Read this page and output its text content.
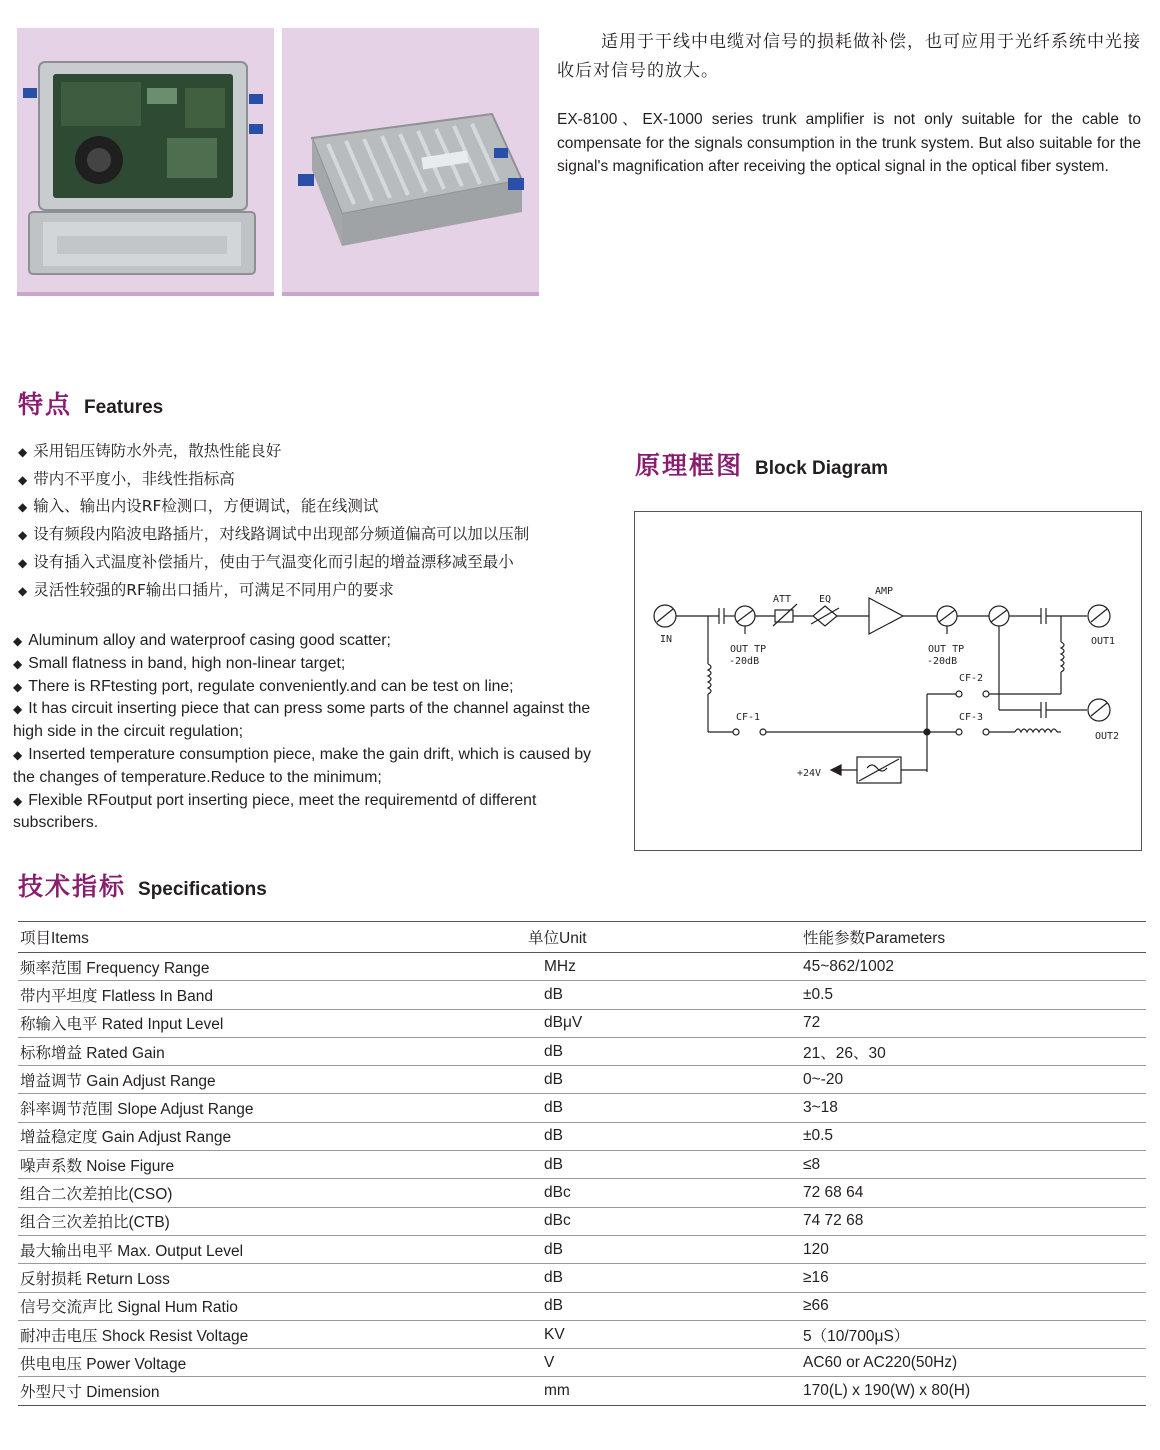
适用于干线中电缆对信号的损耗做补偿，也可应用于光纤系统中光接收后对信号的放大。

EX-8100、EX-1000 series trunk amplifier is not only suitable for the cable to compensate for the signals consumption in the trunk system. But also suitable for the signal's magnification after receiving the optical signal in the optical fiber system.

特点 Features
◆ 采用铝压铸防水外壳，散热性能良好
◆ 带内不平度小，非线性指标高
◆ 输入、输出内设RF检测口，方便调试，能在线测试
◆ 设有频段内陷波电路插片，对线路调试中出现部分频道偏高可以加以压制
◆ 设有插入式温度补偿插片，使由于气温变化而引起的增益漂移减至最小
◆ 灵活性较强的RF输出口插片，可满足不同用户的要求
◆ Aluminum alloy and waterproof casing good scatter;
◆ Small flatness in band, high non-linear target;
◆ There is RFtesting port, regulate conveniently.and can be test on line;
◆ It has circuit inserting piece that can press some parts of the channel against the high side in the circuit regulation;
◆ Inserted temperature consumption piece, make the gain drift, which is caused by the changes of temperature.Reduce to the minimum;
◆ Flexible RFoutput port inserting piece, meet the requirementd of different subscribers.
原理框图 Block Diagram
IN
ATT	EQ
AMP
OUT TP
-20dB
OUT TP
-20dB
OUT1
OUT2
CF-1
CF-2
CF-3
+24V
技术指标 Specifications
项目Items	单位Unit	性能参数Parameters
频率范围 Frequency Range	MHz	45~862/1002
带内平坦度 Flatless In Band	dB	±0.5
称输入电平 Rated Input Level	dBμV	72
标称增益 Rated Gain	dB	21、26、30
增益调节 Gain Adjust Range	dB	0~-20
斜率调节范围 Slope Adjust Range	dB	3~18
增益稳定度 Gain Adjust Range	dB	±0.5
噪声系数 Noise Figure	dB	≤8
组合二次差拍比(CSO)	dBc	72 68 64
组合三次差拍比(CTB)	dBc	74 72 68
最大输出电平 Max. Output Level	dB	120
反射损耗 Return Loss	dB	≥16
信号交流声比 Signal Hum Ratio	dB	≥66
耐冲击电压 Shock Resist Voltage	KV	5（10/700μS）
供电电压 Power Voltage	V	AC60 or AC220(50Hz)
外型尺寸 Dimension	mm	170(L) x 190(W) x 80(H)
